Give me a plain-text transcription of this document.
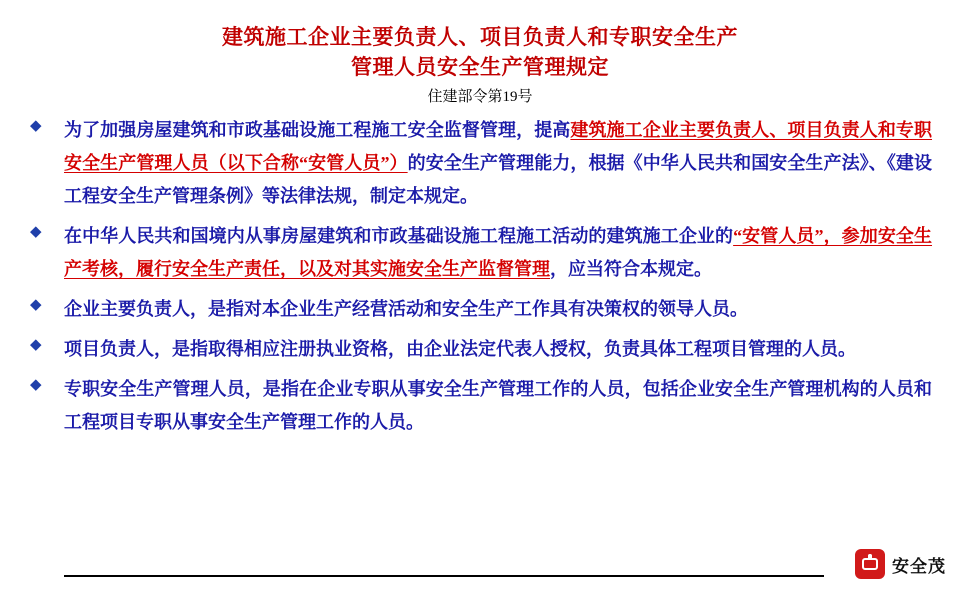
建筑施工企业主要负责人、项目负责人和专职安全生产
管理人员安全生产管理规定
住建部令第19号
◆ 为了加强房屋建筑和市政基础设施工程施工安全监督管理，提高建筑施工企业主要负责人、项目负责人和专职安全生产管理人员（以下合称“安管人员”）的安全生产管理能力，根据《中华人民共和国安全生产法》、《建设工程安全生产管理条例》等法律法规，制定本规定。
◆ 在中华人民共和国境内从事房屋建筑和市政基础设施工程施工活动的建筑施工企业的“安管人员”，参加安全生产考核，履行安全生产责任，以及对其实施安全生产监督管理，应当符合本规定。
◆ 企业主要负责人，是指对本企业生产经营活动和安全生产工作具有决策权的领导人员。
◆ 项目负责人，是指取得相应注册执业资格，由企业法定代表人授权，负责具体工程项目管理的人员。
◆ 专职安全生产管理人员，是指在企业专职从事安全生产管理工作的人员，包括企业安全生产管理机构的人员和工程项目专职从事安全生产管理工作的人员。
安全茂
